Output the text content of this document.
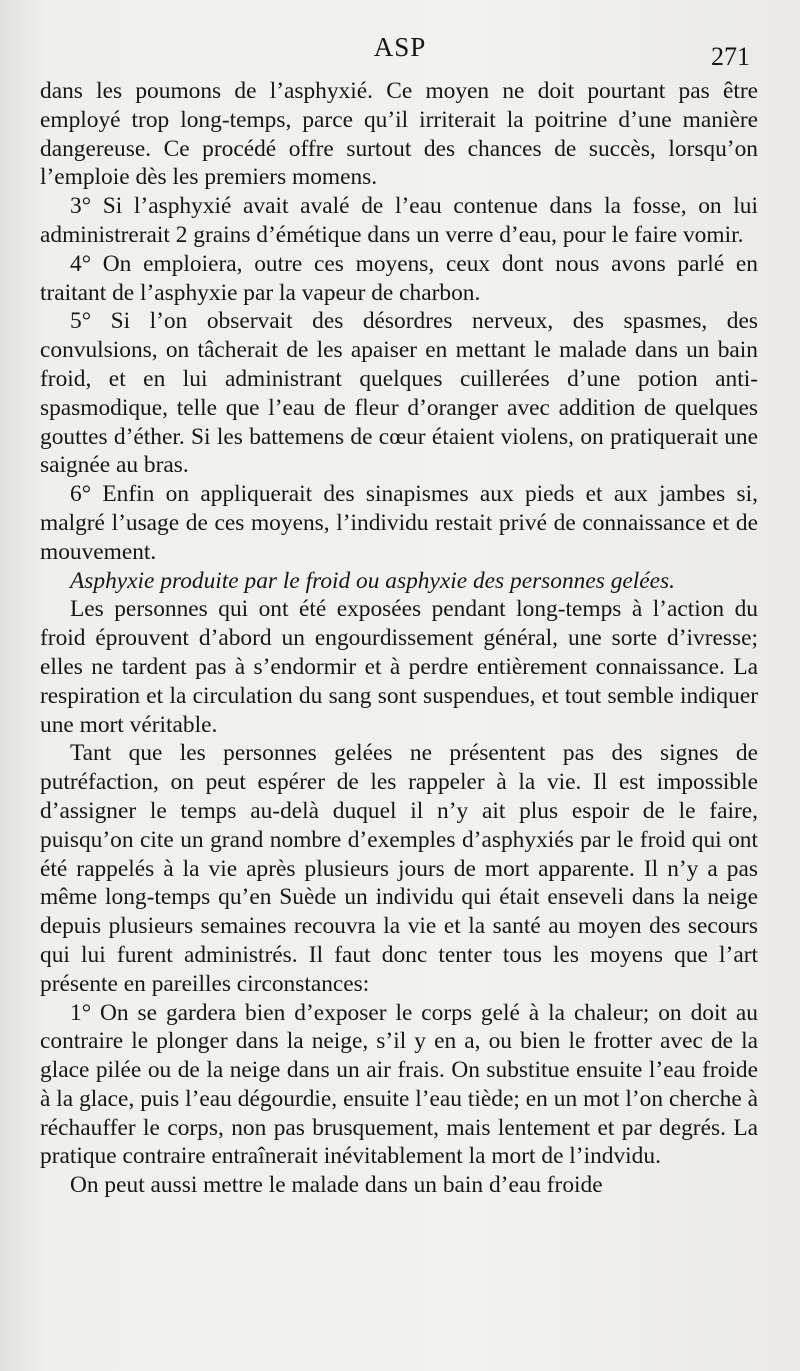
ASP	271

dans les poumons de l’asphyxié. Ce moyen ne doit pourtant pas être employé trop long-temps, parce qu’il irriterait la poitrine d’une manière dangereuse. Ce procédé offre surtout des chances de succès, lorsqu’on l’emploie dès les premiers momens.

3° Si l’asphyxié avait avalé de l’eau contenue dans la fosse, on lui administrerait 2 grains d’émétique dans un verre d’eau, pour le faire vomir.

4° On emploiera, outre ces moyens, ceux dont nous avons parlé en traitant de l’asphyxie par la vapeur de charbon.

5° Si l’on observait des désordres nerveux, des spasmes, des convulsions, on tâcherait de les apaiser en mettant le malade dans un bain froid, et en lui administrant quelques cuillerées d’une potion anti-spasmodique, telle que l’eau de fleur d’oranger avec addition de quelques gouttes d’éther. Si les battemens de cœur étaient violens, on pratiquerait une saignée au bras.

6° Enfin on appliquerait des sinapismes aux pieds et aux jambes si, malgré l’usage de ces moyens, l’individu restait privé de connaissance et de mouvement.

Asphyxie produite par le froid ou asphyxie des personnes gelées.

Les personnes qui ont été exposées pendant long-temps à l’action du froid éprouvent d’abord un engourdissement général, une sorte d’ivresse; elles ne tardent pas à s’endormir et à perdre entièrement connaissance. La respiration et la circulation du sang sont suspendues, et tout semble indiquer une mort véritable.

Tant que les personnes gelées ne présentent pas des signes de putréfaction, on peut espérer de les rappeler à la vie. Il est impossible d’assigner le temps au-delà duquel il n’y ait plus espoir de le faire, puisqu’on cite un grand nombre d’exemples d’asphyxiés par le froid qui ont été rappelés à la vie après plusieurs jours de mort apparente. Il n’y a pas même long-temps qu’en Suède un individu qui était enseveli dans la neige depuis plusieurs semaines recouvra la vie et la santé au moyen des secours qui lui furent administrés. Il faut donc tenter tous les moyens que l’art présente en pareilles circonstances:

1° On se gardera bien d’exposer le corps gelé à la chaleur; on doit au contraire le plonger dans la neige, s’il y en a, ou bien le frotter avec de la glace pilée ou de la neige dans un air frais. On substitue ensuite l’eau froide à la glace, puis l’eau dégourdie, ensuite l’eau tiède; en un mot l’on cherche à réchauffer le corps, non pas brusquement, mais lentement et par degrés. La pratique contraire entraînerait inévitablement la mort de l’indvidu.

On peut aussi mettre le malade dans un bain d’eau froide
